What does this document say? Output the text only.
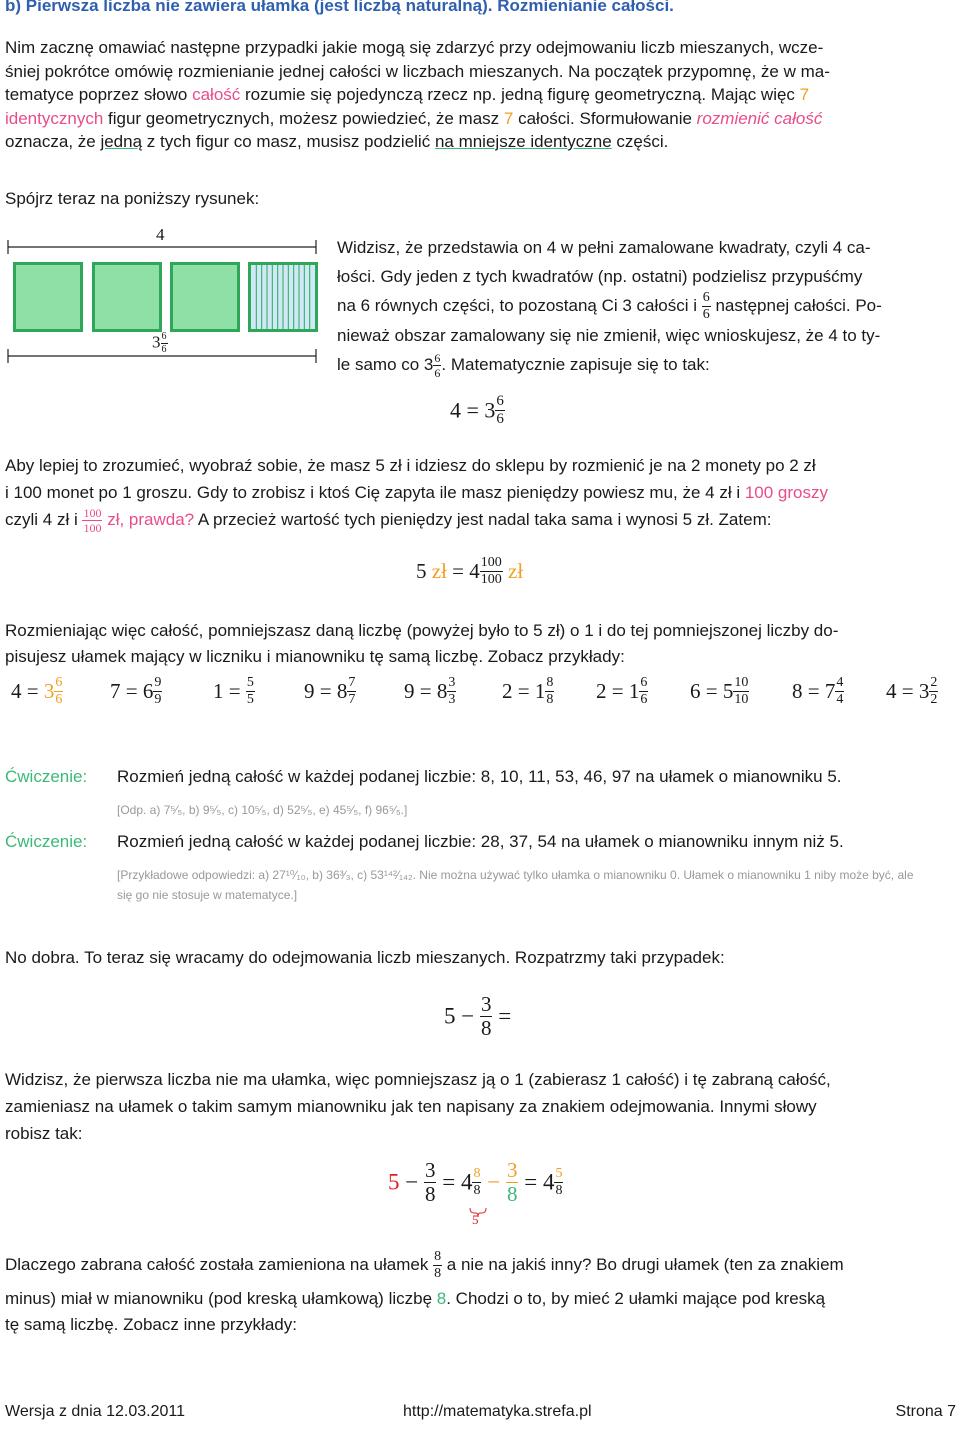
b) Pierwsza liczba nie zawiera ułamka (jest liczbą naturalną). Rozmienianie całości.
Nim zacznę omawiać następne przypadki jakie mogą się zdarzyć przy odejmowaniu liczb mieszanych, wcze-
śniej pokrótce omówię rozmienianie jednej całości w liczbach mieszanych. Na początek przypomnę, że w ma-
tematyce poprzez słowo całość rozumie się pojedynczą rzecz np. jedną figurę geometryczną. Mając więc 7
identycznych figur geometrycznych, możesz powiedzieć, że masz 7 całości. Sformułowanie rozmienić całość
oznacza, że jedną z tych figur co masz, musisz podzielić na mniejsze identyczne części.
Spójrz teraz na poniższy rysunek:
4
$3 \frac{6}{6}$
Widzisz, że przedstawia on 4 w pełni zamalowane kwadraty, czyli 4 ca-
łości. Gdy jeden z tych kwadratów (np. ostatni) podzielisz przypuśćmy
na 6 równych części, to pozostaną Ci 3 całości i $\frac{6}{6}$ następnej całości. Po-
nieważ obszar zamalowany się nie zmienił, więc wnioskujesz, że 4 to ty-
le samo co $3 \frac{6}{6}$ . Matematycznie zapisuje się to tak:
$4 = 3 \frac{6}{6}$
Aby lepiej to zrozumieć, wyobraź sobie, że masz 5 zł i idziesz do sklepu by rozmienić je na 2 monety po 2 zł
i 100 monet po 1 groszu. Gdy to zrobisz i ktoś Cię zapyta ile masz pieniędzy powiesz mu, że 4 zł i 100 groszy
czyli 4 zł i $\frac{100}{100}$ zł, prawda? A przecież wartość tych pieniędzy jest nadal taka sama i wynosi 5 zł. Zatem:
5 zł = $4 \frac{100}{100}$ zł
Rozmieniając więc całość, pomniejszasz daną liczbę (powyżej było to 5 zł) o 1 i do tej pomniejszonej liczby do-
pisujesz ułamek mający w liczniku i mianowniku tę samą liczbę. Zobacz przykłady:
$4 = 3 \frac{6}{6} 7 = 6 \frac{9}{9} 1 = \frac{5}{5} 9 = 8 \frac{7}{7} 9 = 8 \frac{3}{3} 2 = 1 \frac{8}{8} 2 = 1 \frac{6}{6} 6 = 5 \frac{10}{10} 8 = 7 \frac{4}{4} 4 = 3 \frac{2}{2}$
Ćwiczenie: Rozmień jedną całość w każdej podanej liczbie: 8, 10, 11, 53, 46, 97 na ułamek o mianowniku 5.
[Odp. a) 7⁵⁄₅, b) 9⁵⁄₅, c) 10⁵⁄₅, d) 52⁵⁄₅, e) 45⁵⁄₅, f) 96⁵⁄₅.]
Ćwiczenie: Rozmień jedną całość w każdej podanej liczbie: 28, 37, 54 na ułamek o mianowniku innym niż 5.
[Przykładowe odpowiedzi: a) 27¹⁰⁄₁₀, b) 36³⁄₃, c) 53¹⁴²⁄₁₄₂. Nie można używać tylko ułamka o mianowniku 0. Ułamek o mianowniku 1 niby może być, ale
się go nie stosuje w matematyce.]
No dobra. To teraz się wracamy do odejmowania liczb mieszanych. Rozpatrzmy taki przypadek:
$5 - \frac{3}{8}$ =
Widzisz, że pierwsza liczba nie ma ułamka, więc pomniejszasz ją o 1 (zabierasz 1 całość) i tę zabraną całość,
zamieniasz na ułamek o takim samym mianowniku jak ten napisany za znakiem odejmowania. Innymi słowy
robisz tak:
$5 - \frac{3}{8} = 4 \frac{8}{8} - \frac{3}{8} = 4 \frac{5}{8}$
5
Dlaczego zabrana całość została zamieniona na ułamek $\frac{8}{8}$ a nie na jakiś inny? Bo drugi ułamek (ten za znakiem
minus) miał w mianowniku (pod kreską ułamkową) liczbę 8. Chodzi o to, by mieć 2 ułamki mające pod kreską
tę samą liczbę. Zobacz inne przykłady:
Wersja z dnia 12.03.2011	http://matematyka.strefa.pl	Strona 7
